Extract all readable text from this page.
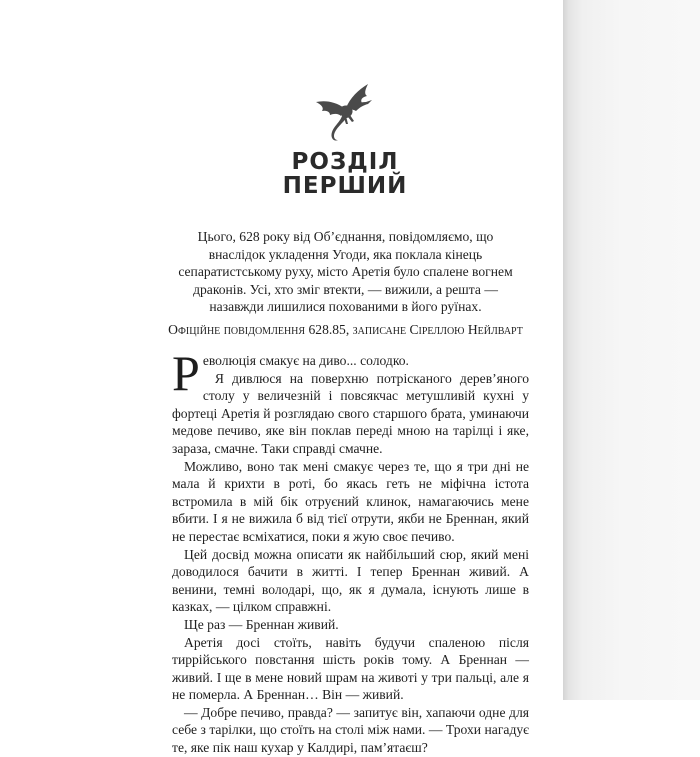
РОЗДІЛ
ПЕРШИЙ

Цього, 628 року від Об’єднання, повідомляємо, що внаслідок укладення Угоди, яка поклала кінець сепаратистському руху, місто Аретія було спалене вогнем драконів. Усі, хто зміг втекти, — вижили, а решта — назавжди лишилися похованими в його руїнах.

Офіційне повідомлення 628.85, записане Сіреллою Нейлварт

Революція смакує на диво... солодко.

Я дивлюся на поверхню потрісканого дерев’яного столу у величезній і повсякчас метушливій кухні у фортеці Аретія й розглядаю свого старшого брата, уминаючи медове печиво, яке він поклав переді мною на тарілці і яке, зараза, смачне. Таки справді смачне.

Можливо, воно так мені смакує через те, що я три дні не мала й крихти в роті, бо якась геть не міфічна істота встромила в мій бік отруєний клинок, намагаючись мене вбити. І я не вижила б від тієї отрути, якби не Бреннан, який не перестає всміхатися, поки я жую своє печиво.

Цей досвід можна описати як найбільший сюр, який мені доводилося бачити в житті. І тепер Бреннан живий. А венини, темні володарі, що, як я думала, існують лише в казках, — цілком справжні.

Ще раз — Бреннан живий.

Аретія досі стоїть, навіть будучи спаленою після тиррійського повстання шість років тому. А Бреннан — живий. І ще в мене новий шрам на животі у три пальці, але я не померла. А Бреннан… Він — живий.

— Добре печиво, правда? — запитує він, хапаючи одне для себе з тарілки, що стоїть на столі між нами. — Трохи нагадує те, яке пік наш кухар у Калдирі, пам’ятаєш?
